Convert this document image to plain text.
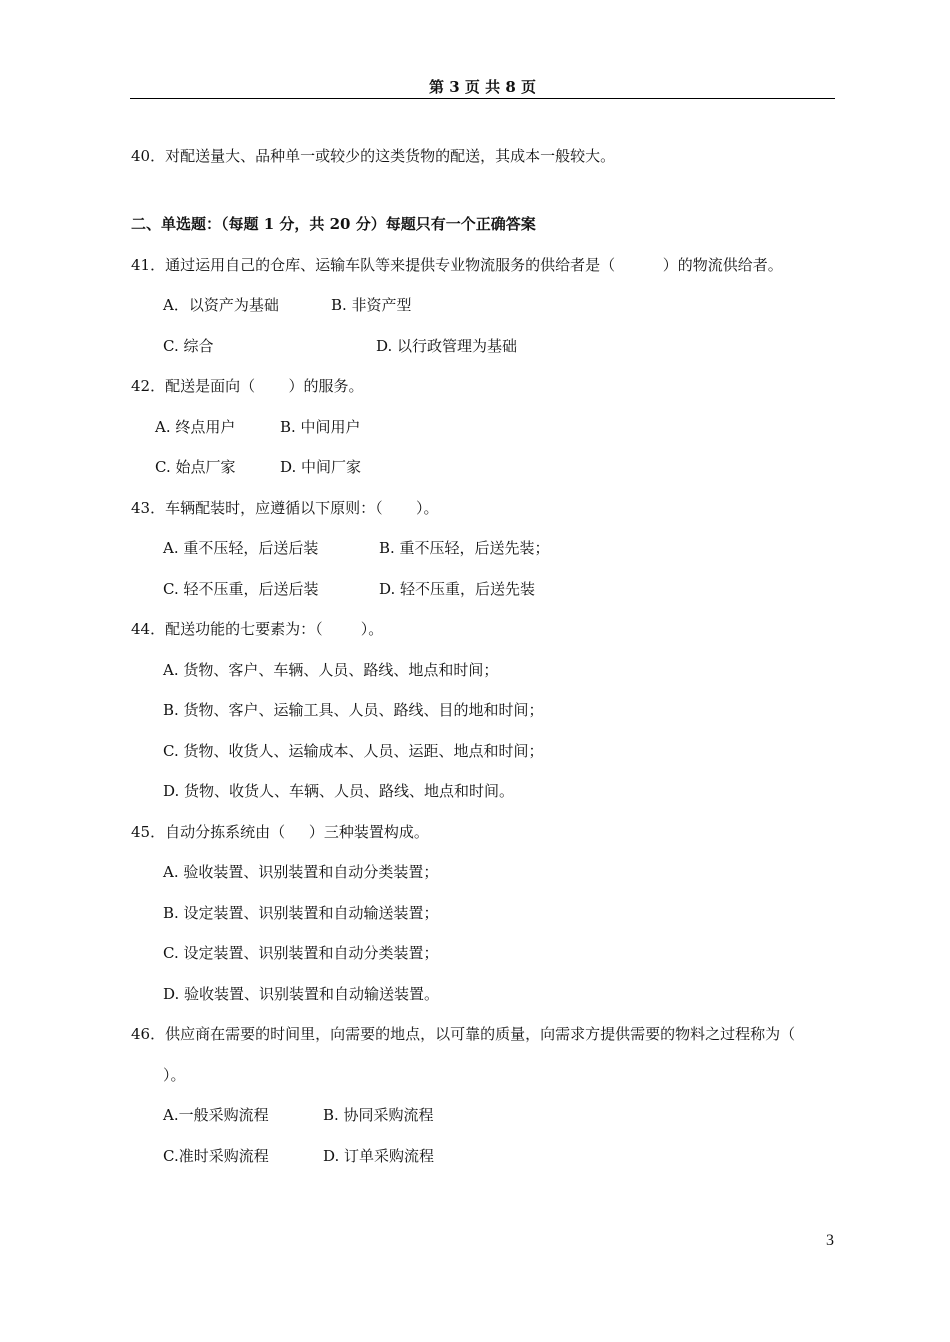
第 3 页 共 8 页
40．对配送量大、品种单一或较少的这类货物的配送，其成本一般较大。
二、单选题：（每题 1 分，共 20 分）每题只有一个正确答案
41．通过运用自己的仓库、运输车队等来提供专业物流服务的供给者是（          ）的物流供给者。
A．以资产为基础	B. 非资产型
C. 综合	D. 以行政管理为基础
42．配送是面向（       ）的服务。
A. 终点用户	B. 中间用户
C. 始点厂家	D. 中间厂家
43．车辆配装时，应遵循以下原则：（       ）。
A. 重不压轻，后送后装	B. 重不压轻，后送先装；
C. 轻不压重，后送后装	D. 轻不压重，后送先装
44．配送功能的七要素为：（        ）。
A. 货物、客户、车辆、人员、路线、地点和时间；
B. 货物、客户、运输工具、人员、路线、目的地和时间；
C. 货物、收货人、运输成本、人员、运距、地点和时间；
D. 货物、收货人、车辆、人员、路线、地点和时间。
45．自动分拣系统由（     ）三种装置构成。
A. 验收装置、识别装置和自动分类装置；
B. 设定装置、识别装置和自动输送装置；
C. 设定装置、识别装置和自动分类装置；
D. 验收装置、识别装置和自动输送装置。
46．供应商在需要的时间里，向需要的地点，以可靠的质量，向需求方提供需要的物料之过程称为（
）。
A.一般采购流程	B. 协同采购流程
C.准时采购流程	D. 订单采购流程
3
